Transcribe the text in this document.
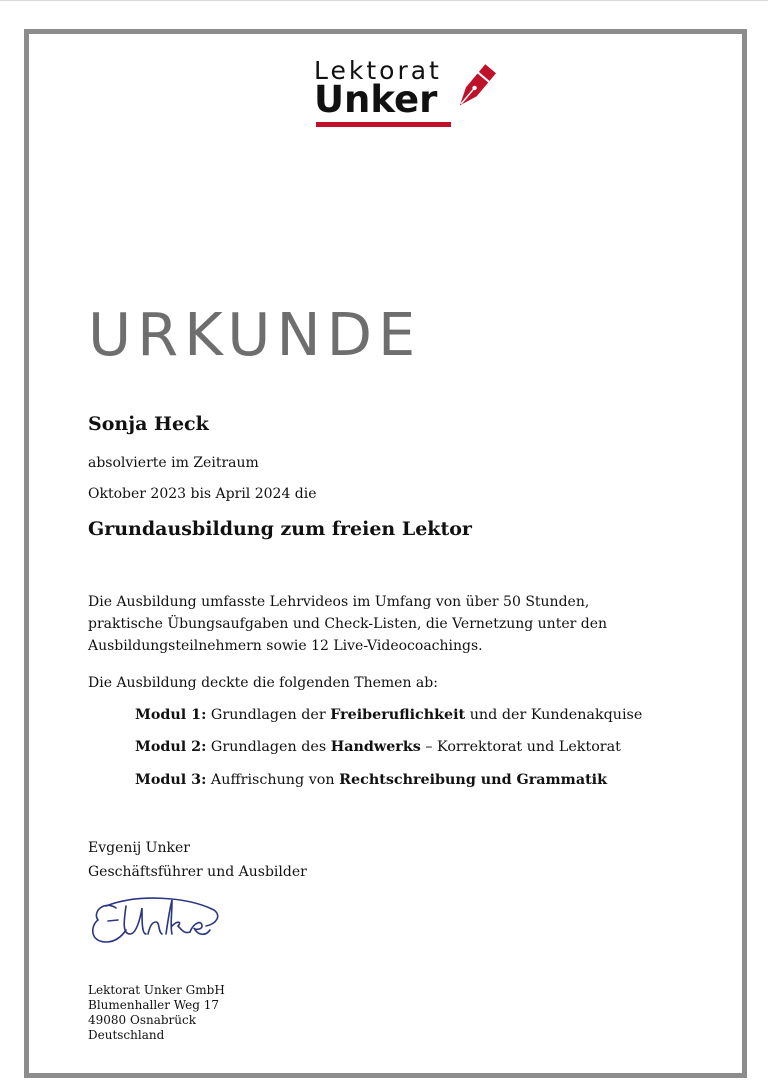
Lektorat
Unker
URKUNDE
Sonja Heck
absolvierte im Zeitraum
Oktober 2023 bis April 2024 die
Grundausbildung zum freien Lektor
Die Ausbildung umfasste Lehrvideos im Umfang von über 50 Stunden, praktische Übungsaufgaben und Check-Listen, die Vernetzung unter den Ausbildungsteilnehmern sowie 12 Live-Videocoachings.
Die Ausbildung deckte die folgenden Themen ab:
Modul 1: Grundlagen der Freiberuflichkeit und der Kundenakquise
Modul 2: Grundlagen des Handwerks – Korrektorat und Lektorat
Modul 3: Auffrischung von Rechtschreibung und Grammatik
Evgenij Unker
Geschäftsführer und Ausbilder
Lektorat Unker GmbH
Blumenhaller Weg 17
49080 Osnabrück
Deutschland
